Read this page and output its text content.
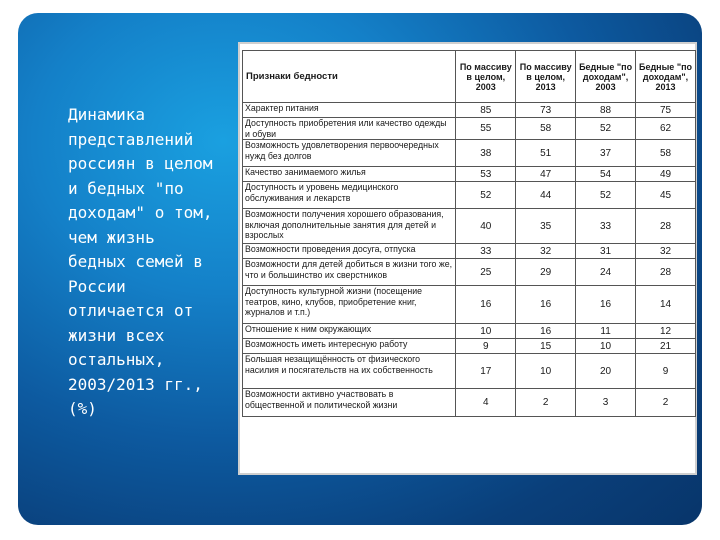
Динамика
представлений
россиян в целом
и бедных "по
доходам" о том,
чем жизнь
бедных семей в
России
отличается от
жизни всех
остальных,
2003/2013 гг.,
(%)
Признаки бедности	По массиву в целом, 2003	По массиву в целом, 2013	Бедные "по доходам", 2003	Бедные "по доходам", 2013
Характер питания	85	73	88	75
Доступность приобретения или качество одежды и обуви	55	58	52	62
Возможность удовлетворения первоочередных нужд без долгов	38	51	37	58
Качество занимаемого жилья	53	47	54	49
Доступность и уровень медицинского обслуживания и лекарств	52	44	52	45
Возможности получения хорошего образования, включая дополнительные занятия для детей и взрослых	40	35	33	28
Возможности проведения досуга, отпуска	33	32	31	32
Возможности для детей добиться в жизни того же, что и большинство их сверстников	25	29	24	28
Доступность культурной жизни (посещение театров, кино, клубов, приобретение книг, журналов и т.п.)	16	16	16	14
Отношение к ним окружающих	10	16	11	12
Возможность иметь интересную работу	9	15	10	21
Большая незащищённость от физического насилия и посягательств на их собственность	17	10	20	9
Возможности активно участвовать в общественной и политической жизни	4	2	3	2
